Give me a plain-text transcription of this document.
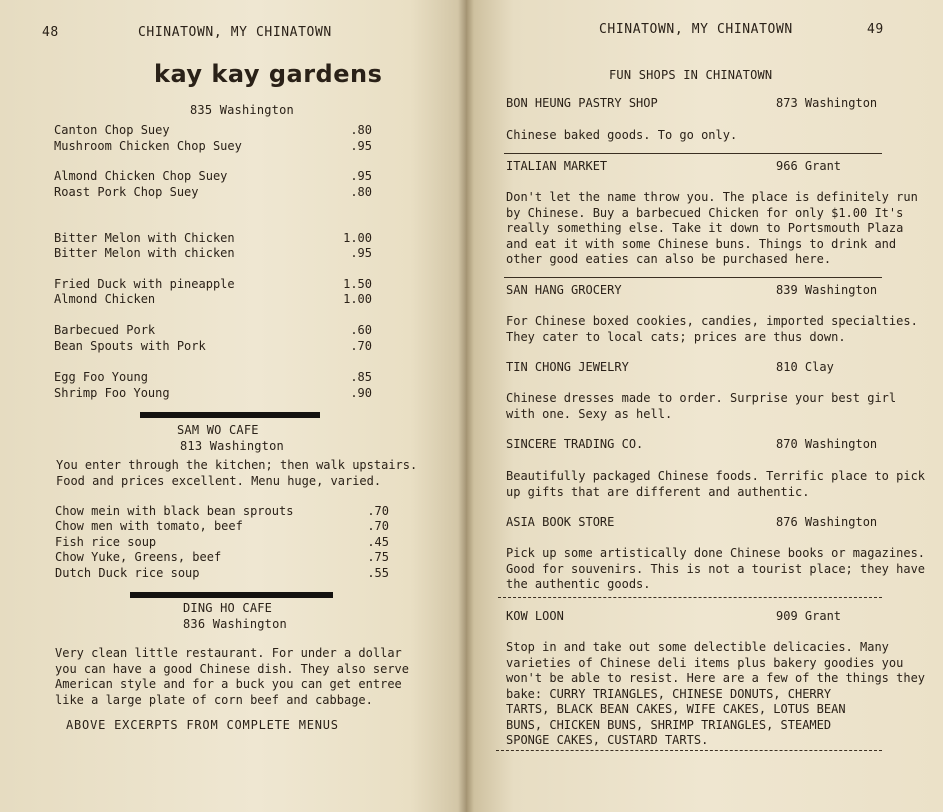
48	CHINATOWN, MY CHINATOWN
kay kay gardens
835 Washington
Canton Chop Suey	.80
Mushroom Chicken Chop Suey	.95
Almond Chicken Chop Suey	.95
Roast Pork Chop Suey	.80
Bitter Melon with Chicken	1.00
Bitter Melon with chicken	.95
Fried Duck with pineapple	1.50
Almond Chicken	1.00
Barbecued Pork	.60
Bean Spouts with Pork	.70
Egg Foo Young	.85
Shrimp Foo Young	.90
SAM WO CAFE
813 Washington
You enter through the kitchen; then walk upstairs.
Food and prices excellent. Menu huge, varied.
Chow mein with black bean sprouts	.70
Chow men with tomato, beef	.70
Fish rice soup	.45
Chow Yuke, Greens, beef	.75
Dutch Duck rice soup	.55
DING HO CAFE
836 Washington
Very clean little restaurant. For under a dollar
you can have a good Chinese dish. They also serve
American style and for a buck you can get entree
like a large plate of corn beef and cabbage.
ABOVE EXCERPTS FROM COMPLETE MENUS
CHINATOWN, MY CHINATOWN	49
FUN SHOPS IN CHINATOWN
BON HEUNG PASTRY SHOP	873 Washington
Chinese baked goods. To go only.
ITALIAN MARKET	966 Grant
Don't let the name throw you. The place is definitely run
by Chinese. Buy a barbecued Chicken for only $1.00 It's
really something else. Take it down to Portsmouth Plaza
and eat it with some Chinese buns. Things to drink and
other good eaties can also be purchased here.
SAN HANG GROCERY	839 Washington
For Chinese boxed cookies, candies, imported specialties.
They cater to local cats; prices are thus down.
TIN CHONG JEWELRY	810 Clay
Chinese dresses made to order. Surprise your best girl
with one. Sexy as hell.
SINCERE TRADING CO.	870 Washington
Beautifully packaged Chinese foods. Terrific place to pick
up gifts that are different and authentic.
ASIA BOOK STORE	876 Washington
Pick up some artistically done Chinese books or magazines.
Good for souvenirs. This is not a tourist place; they have
the authentic goods.
KOW LOON	909 Grant
Stop in and take out some delectible delicacies. Many
varieties of Chinese deli items plus bakery goodies you
won't be able to resist. Here are a few of the things they
bake: CURRY TRIANGLES, CHINESE DONUTS, CHERRY
TARTS, BLACK BEAN CAKES, WIFE CAKES, LOTUS BEAN
BUNS, CHICKEN BUNS, SHRIMP TRIANGLES, STEAMED
SPONGE CAKES, CUSTARD TARTS.
